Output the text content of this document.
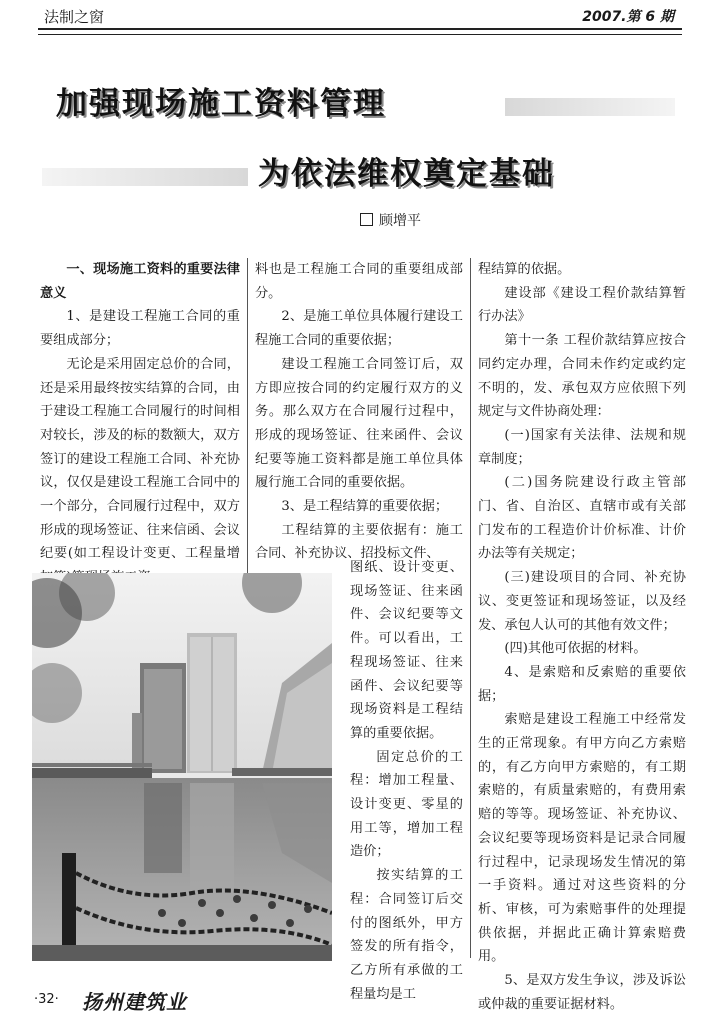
法制之窗	2007.第 6 期
加强现场施工资料管理
为依法维权奠定基础
顾增平

一、现场施工资料的重要法律意义

1、是建设工程施工合同的重要组成部分；

无论是采用固定总价的合同，还是采用最终按实结算的合同，由于建设工程施工合同履行的时间相对较长，涉及的标的数额大，双方签订的建设工程施工合同、补充协议，仅仅是建设工程施工合同中的一个部分，合同履行过程中，双方形成的现场签证、往来信函、会议纪要(如工程设计变更、工程量增

料也是工程施工合同的重要组成部分。

2、是施工单位具体履行建设工程施工合同的重要依据；

建设工程施工合同签订后，双方即应按合同的约定履行双方的义务。那么双方在合同履行过程中，形成的现场签证、往来函件、会议纪要等施工资料都是施工单位具体履行施工合同的重要依据。

3、是工程结算的重要依据；

工程结算的主要依据有：施工合同、补充协议、招投标文件、

图纸、设计变更、现场签证、往来函件、会议纪要等文件。可以看出，工程现场签证、往来函件、会议纪要等现场资料是工程结算的重要依据。

固定总价的工程：增加工程量、设计变更、零星的用工等，增加工程造价；

按实结算的工程：合同签订后交付的图纸外，甲方签发的所有指令，乙方所有承做的工程量均是工

程结算的依据。

建设部《建设工程价款结算暂行办法》

第十一条 工程价款结算应按合同约定办理，合同未作约定或约定不明的，发、承包双方应依照下列规定与文件协商处理：

(一)国家有关法律、法规和规章制度；

(二)国务院建设行政主管部门、省、自治区、直辖市或有关部门发布的工程造价计价标准、计价办法等有关规定；

(三)建设项目的合同、补充协议、变更签证和现场签证，以及经发、承包人认可的其他有效文件；

(四)其他可依据的材料。

4、是索赔和反索赔的重要依据；

索赔是建设工程施工中经常发生的正常现象。有甲方向乙方索赔的，有乙方向甲方索赔的，有工期索赔的，有质量索赔的，有费用索赔的等等。现场签证、补充协议、会议纪要等现场资料是记录合同履行过程中，记录现场发生情况的第一手资料。通过对这些资料的分析、审核，可为索赔事件的处理提供依据，并据此正确计算索赔费用。

5、是双方发生争议，涉及诉讼或仲裁的重要证据材料。

·32· 扬州建筑业
